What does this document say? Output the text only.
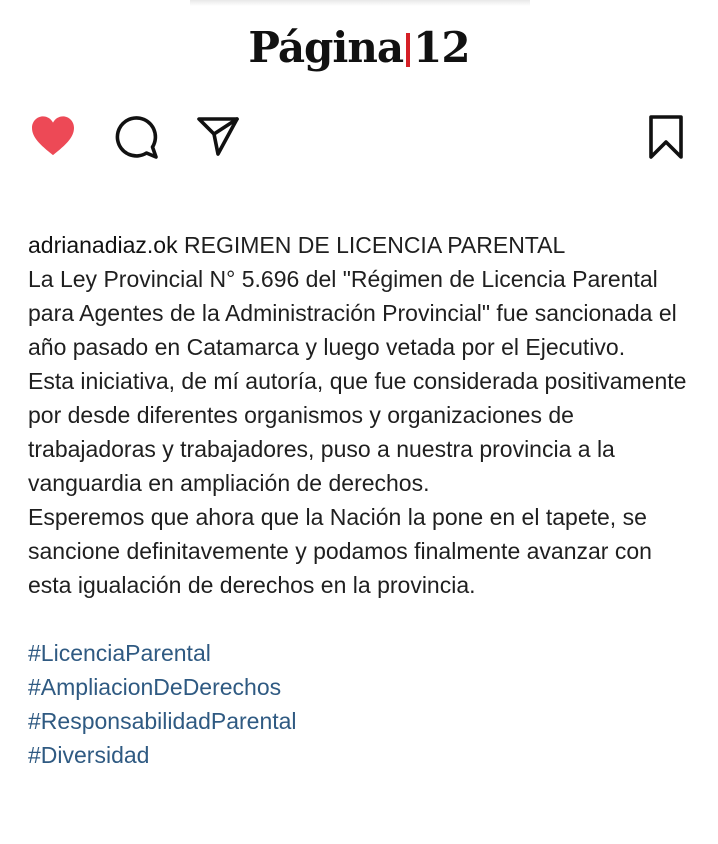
Página 12

adrianadiaz.ok REGIMEN DE LICENCIA PARENTAL

La Ley Provincial N° 5.696 del "Régimen de Licencia Parental para Agentes de la Administración Provincial" fue sancionada el año pasado en Catamarca y luego vetada por el Ejecutivo.

Esta iniciativa, de mí autoría, que fue considerada positivamente por desde diferentes organismos y organizaciones de trabajadoras y trabajadores, puso a nuestra provincia a la vanguardia en ampliación de derechos.

Esperemos que ahora que la Nación la pone en el tapete, se sancione definitavemente y podamos finalmente avanzar con esta igualación de derechos en la provincia.

#LicenciaParental
#AmpliacionDeDerechos
#ResponsabilidadParental
#Diversidad
